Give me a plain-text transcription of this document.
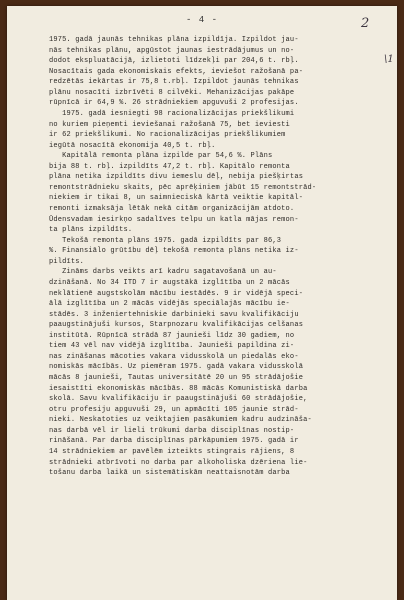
- 4 -	2
\1
1975. gadā jaunās tehnikas plāna izpildīja. Izpildot jau-
nās tehnikas plānu, apgūstot jaunas iestrādājumus un no-
dodot ekspluatācijā, izlietoti līdzekļi par 204,6 t. rbļ.
Nosacītais gada ekonomiskais efekts, ieviešot ražošanā pa-
redzētās iekārtas ir 75,8 t.rbļ. Izpildot jaunās tehnikas
plānu nosacīti izbrīvēti 8 cilvēki. Mehanizācijas pakāpe
rūpnīcā ir 64,9 %. 26 strādniekiem apguvuši 2 profesijas.
1975. gadā iesniegti 98 racionalizācijas priekšlikumi
no kuriem pieņemti ieviešanai ražošanā 75, bet ieviesti
ir 62 priekšlikumi. No racionalizācijas priekšlikumiem
iegūtā nosacītā ekonomija 40,5 t. rbļ.
Kapitālā remonta plāna izpilde par 54,6 %. Plāns
bija 88 t. rbļ. izpildīts 47,2 t. rbļ. Kapitālo remonta
plāna netika izpildīts divu iemeslu dēļ, nebija piešķirtas
remontstrādnieku skaits, pēc aprēķiniem jābūt 15 remontstrād-
niekiem ir tikai 8, un saimnieciskā kārtā veiktie kapitāl-
remonti izmaksāja lētāk nekā citām organizācijām atdoto.
Ūdensvadam iesirkņo sadalīves telpu un katla mājas remon-
ta plāns izpildīts.
Tekošā remonta plāns 1975. gadā izpildīts par 86,3
%. Finansiālo grūtību dēļ tekošā remonta plāns netika iz-
pildīts.
Zināms darbs veikts arī kadru sagatavošanā un au-
dzināšanā. No 34 ITD 7 ir augstākā izglītība un 2 mācās
neklātienē augstskolām mācību iestādēs. 9 ir vidējā speci-
ālā izglītība un 2 mācās vidējās speciālajās mācību ie-
stādēs. 3 inženiertehniskie darbinieki savu kvalifikāciju
paaugstinājuši kursos, Starpnozaru kvalifikācijas celšanas
institūtā. Rūpnīcā strādā 87 jaunieši līdz 30 gadiem, no
tiem 43 vēl nav vidējā izglītība. Jaunieši papildina zi-
nas zināšanas mācoties vakara vidusskolā un piedalās eko-
nomiskās mācībās. Uz piemēram 1975. gadā vakara vidusskolā
mācās 8 jaunieši, Tautas universitātē 20 un 95 strādājošie
iesaistīti ekonomiskās mācībās. 88 mācās Komunistiskā darba
skolā. Savu kvalifikāciju ir paaugstinājuši 60 strādājošie,
otru profesiju apguvuši 29, un apmācīti 105 jaunie strād-
nieki. Neskatoties uz veiktajiem pasākumiem kadru audzināša-
nas darbā vēl ir lieli trūkumi darba disciplīnas nostip-
rināšanā. Par darba disciplīnas pārkāpumiem 1975. gadā ir
14 strādniekiem ar pavēlēm izteikts stingrais rājiens, 8
strādnieki atbrīvoti no darba par alkoholiska dzēriena lie-
tošanu darba laikā un sistemātiskām neattaisnotām darba
